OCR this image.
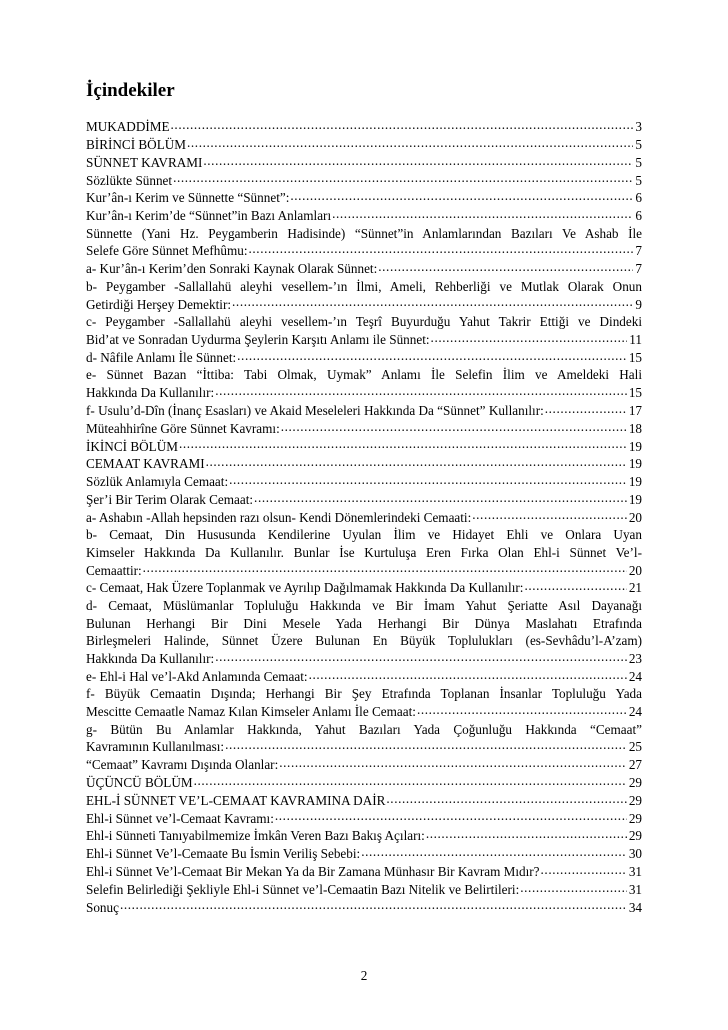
İçindekiler
MUKADDİME .....	3
BİRİNCİ BÖLÜM .....	5
SÜNNET KAVRAMI .....	5
Sözlükte Sünnet .....	5
Kur’ân-ı Kerim ve Sünnette “Sünnet”: .....	6
Kur’ân-ı Kerim’de “Sünnet”in Bazı Anlamları .....	6
Sünnette (Yani Hz. Peygamberin Hadisinde) “Sünnet”in Anlamlarından Bazıları Ve Ashab İle
Selefe Göre Sünnet Mefhûmu: .....	7
a- Kur’ân-ı Kerim’den Sonraki Kaynak Olarak Sünnet: .....	7
b- Peygamber -Sallallahü aleyhi vesellem-’ın İlmi, Ameli, Rehberliği ve Mutlak Olarak Onun
Getirdiği Herşey Demektir: .....	9
c- Peygamber -Sallallahü aleyhi vesellem-’ın Teşrî Buyurduğu Yahut Takrir Ettiği ve Dindeki
Bid’at ve Sonradan Uydurma Şeylerin Karşıtı Anlamı ile Sünnet: .....	11
d- Nâfile Anlamı İle Sünnet: .....	15
e- Sünnet Bazan “İttiba: Tabi Olmak, Uymak” Anlamı İle Selefin İlim ve Ameldeki Hali
Hakkında Da Kullanılır: .....	15
f- Usulu’d-Dîn (İnanç Esasları) ve Akaid Meseleleri Hakkında Da “Sünnet” Kullanılır: .....	17
Müteahhirîne Göre Sünnet Kavramı: .....	18
İKİNCİ BÖLÜM .....	19
CEMAAT KAVRAMI .....	19
Sözlük Anlamıyla Cemaat: .....	19
Şer’i Bir Terim Olarak Cemaat: .....	19
a- Ashabın -Allah hepsinden razı olsun- Kendi Dönemlerindeki Cemaati: .....	20
b- Cemaat, Din Hususunda Kendilerine Uyulan İlim ve Hidayet Ehli ve Onlara Uyan
Kimseler Hakkında Da Kullanılır. Bunlar İse Kurtuluşa Eren Fırka Olan Ehl-i Sünnet Ve’l-
Cemaattir: .....	20
c- Cemaat, Hak Üzere Toplanmak ve Ayrılıp Dağılmamak Hakkında Da Kullanılır: .....	21
d- Cemaat, Müslümanlar Topluluğu Hakkında ve Bir İmam Yahut Şeriatte Asıl Dayanağı
Bulunan Herhangi Bir Dini Mesele Yada Herhangi Bir Dünya Maslahatı Etrafında
Birleşmeleri Halinde, Sünnet Üzere Bulunan En Büyük Toplulukları (es-Sevhâdu’l-A’zam)
Hakkında Da Kullanılır: .....	23
e- Ehl-i Hal ve’l-Akd Anlamında Cemaat: .....	24
f- Büyük Cemaatin Dışında; Herhangi Bir Şey Etrafında Toplanan İnsanlar Topluluğu Yada
Mescitte Cemaatle Namaz Kılan Kimseler Anlamı İle Cemaat: .....	24
g- Bütün Bu Anlamlar Hakkında, Yahut Bazıları Yada Çoğunluğu Hakkında “Cemaat”
Kavramının Kullanılması: .....	25
“Cemaat” Kavramı Dışında Olanlar: .....	27
ÜÇÜNCÜ BÖLÜM .....	29
EHL-İ SÜNNET VE’L-CEMAAT KAVRAMINA DAİR .....	29
Ehl-i Sünnet ve’l-Cemaat Kavramı: .....	29
Ehl-i Sünneti Tanıyabilmemize İmkân Veren Bazı Bakış Açıları: .....	29
Ehl-i Sünnet Ve’l-Cemaate Bu İsmin Veriliş Sebebi: .....	30
Ehl-i Sünnet Ve’l-Cemaat Bir Mekan Ya da Bir Zamana Münhasır Bir Kavram Mıdır? .....	31
Selefin Belirlediği Şekliyle Ehl-i Sünnet ve’l-Cemaatin Bazı Nitelik ve Belirtileri: .....	31
Sonuç .....	34
2
